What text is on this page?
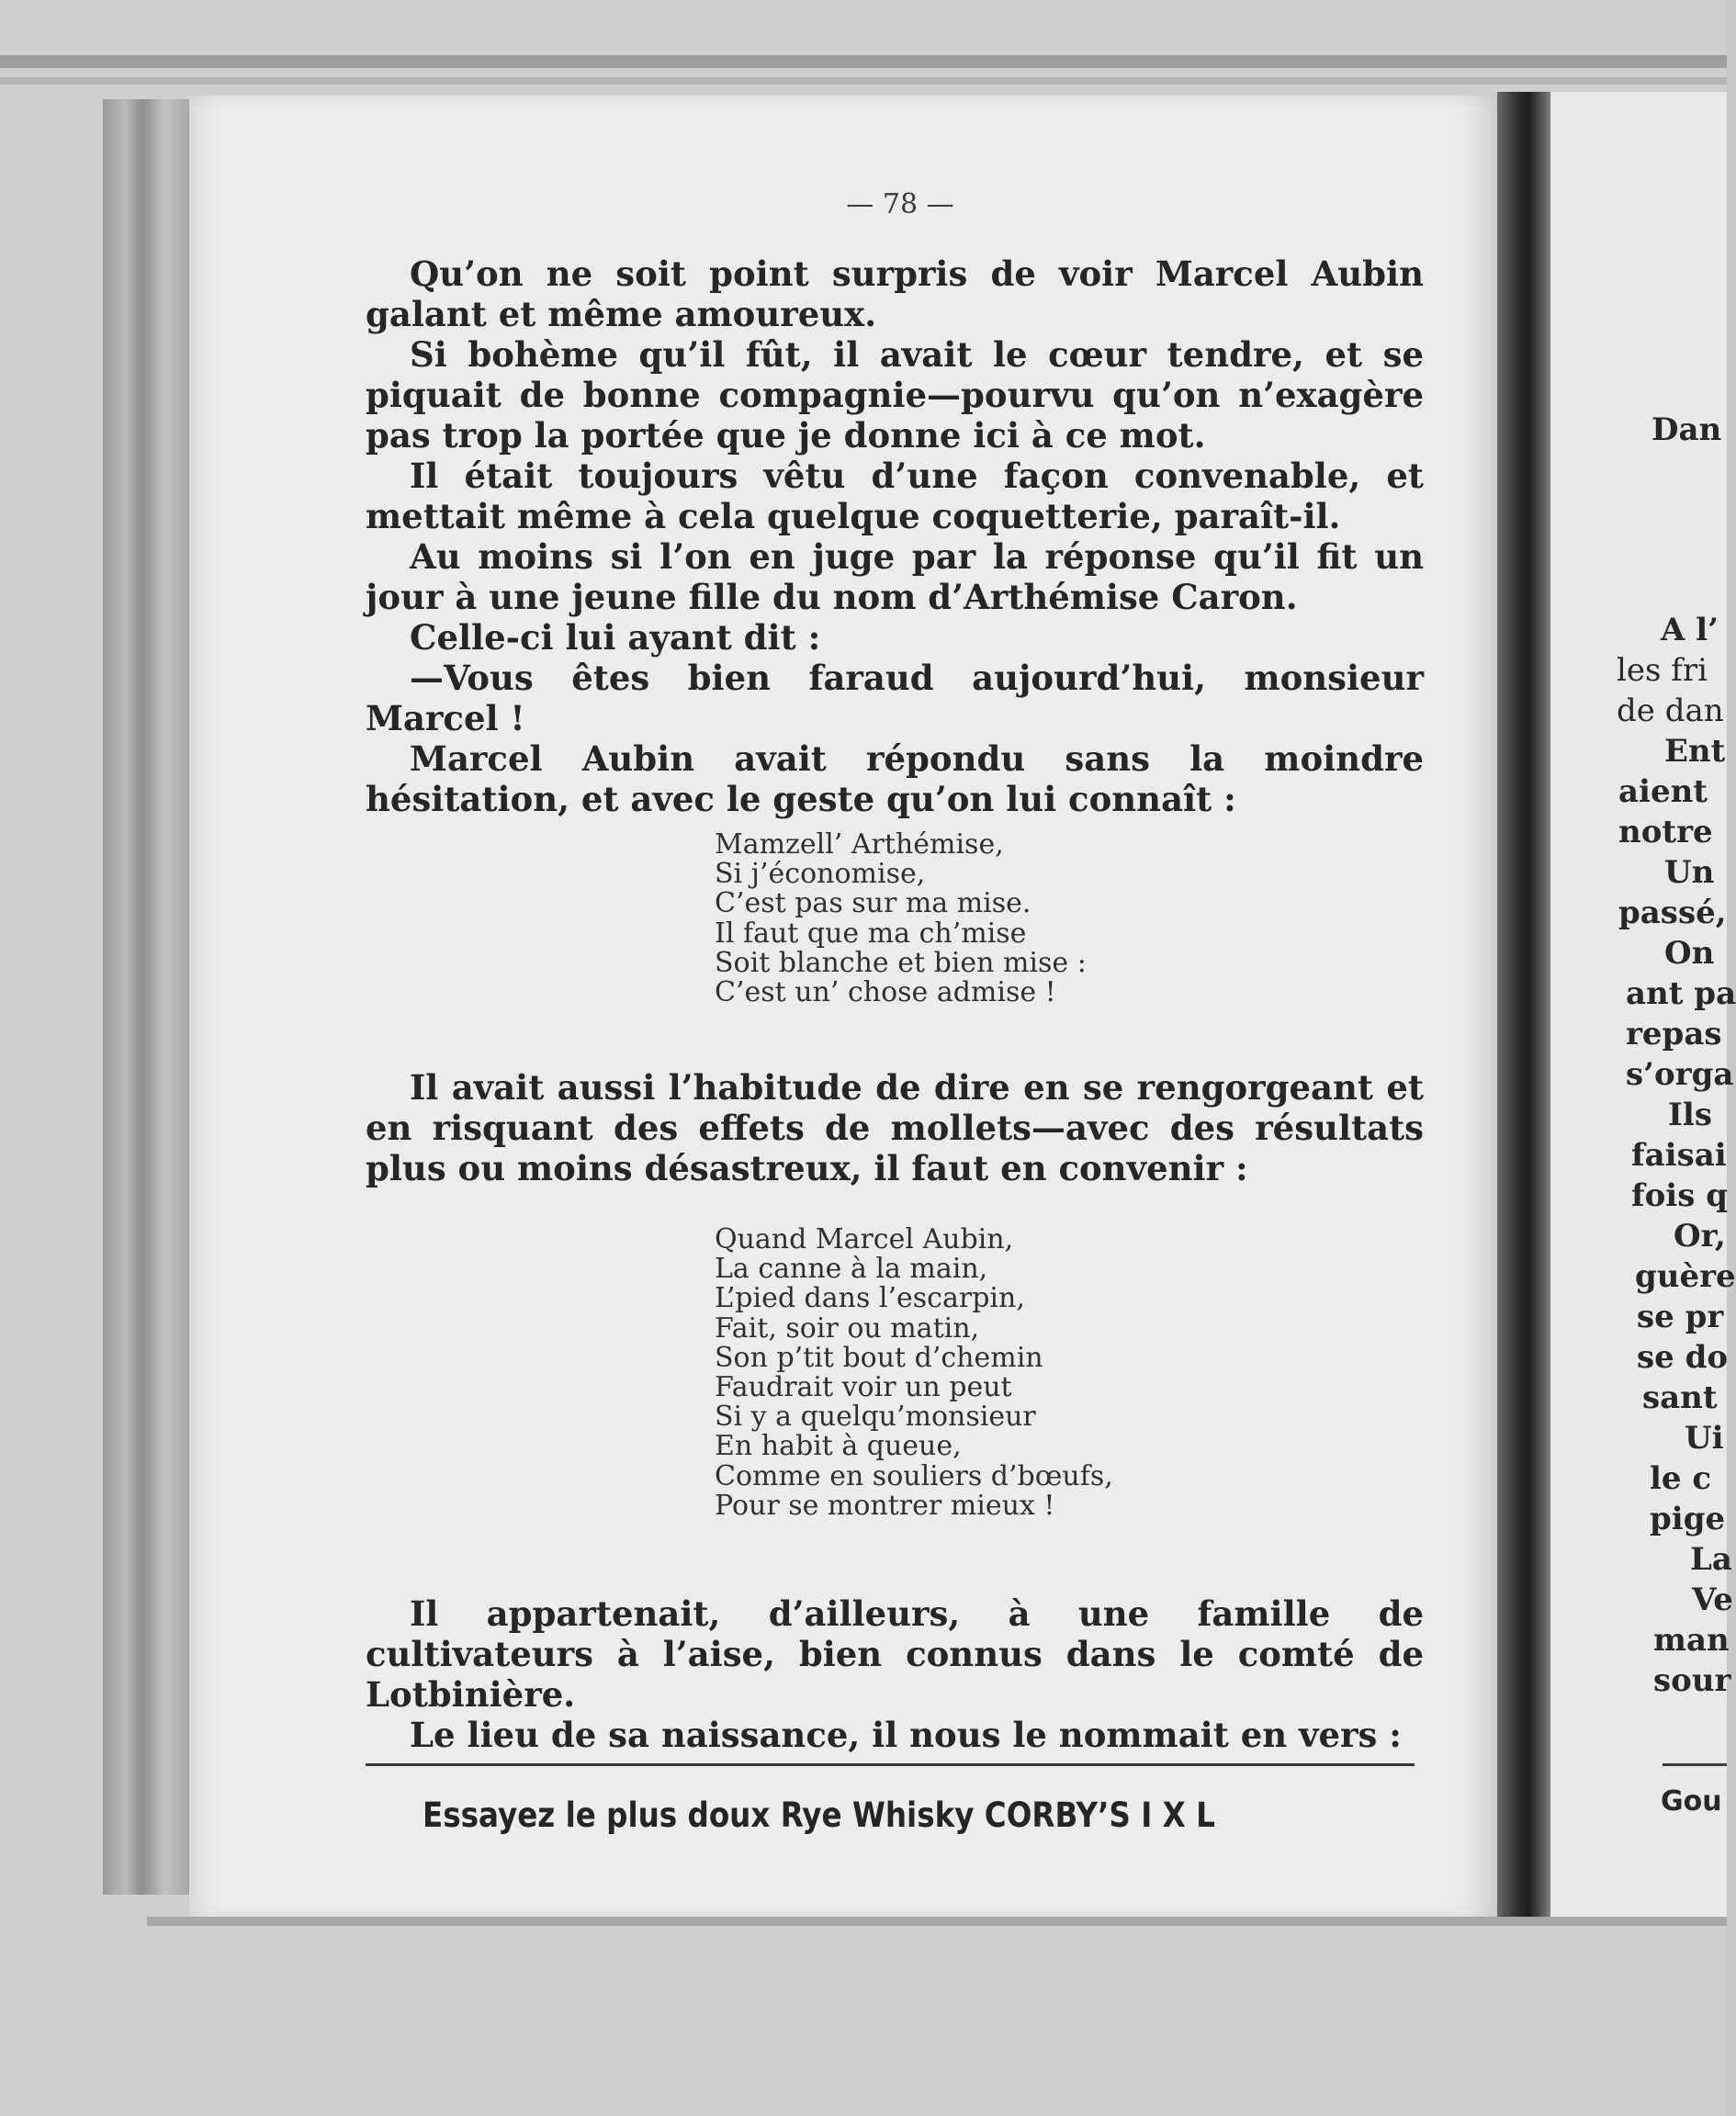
— 78 —

Qu’on ne soit point surpris de voir Marcel Aubin galant et même amoureux.

Si bohème qu’il fût, il avait le cœur tendre, et se piquait de bonne compagnie—pourvu qu’on n’exagère pas trop la portée que je donne ici à ce mot.

Il était toujours vêtu d’une façon convenable, et mettait même à cela quelque coquetterie, paraît-il.

Au moins si l’on en juge par la réponse qu’il fit un jour à une jeune fille du nom d’Arthémise Caron.

Celle-ci lui ayant dit :

—Vous êtes bien faraud aujourd’hui, monsieur Marcel !

Marcel Aubin avait répondu sans la moindre hésitation, et avec le geste qu’on lui connaît :

Mamzell’ Arthémise,
Si j’économise,
C’est pas sur ma mise.
Il faut que ma ch’mise
Soit blanche et bien mise :
C’est un’ chose admise !

Il avait aussi l’habitude de dire en se rengorgeant et en risquant des effets de mollets—avec des résultats plus ou moins désastreux, il faut en convenir :

Quand Marcel Aubin,
La canne à la main,
L’pied dans l’escarpin,
Fait, soir ou matin,
Son p’tit bout d’chemin
Faudrait voir un peut
Si y a quelqu’monsieur
En habit à queue,
Comme en souliers d’bœufs,
Pour se montrer mieux !

Il appartenait, d’ailleurs, à une famille de cultivateurs à l’aise, bien connus dans le comté de Lotbinière.

Le lieu de sa naissance, il nous le nommait en vers :

Essayez le plus doux Rye Whisky CORBY’S I X L
Dan
A l’
les fri
de dan
Ent
aient
notre
Un
passé,
On
ant pa
repas
s’orga
Ils
faisai
fois q
Or,
guère
se pr
se do
sant
Ui
le c
pige
La
Ve
man
sour
Gou
